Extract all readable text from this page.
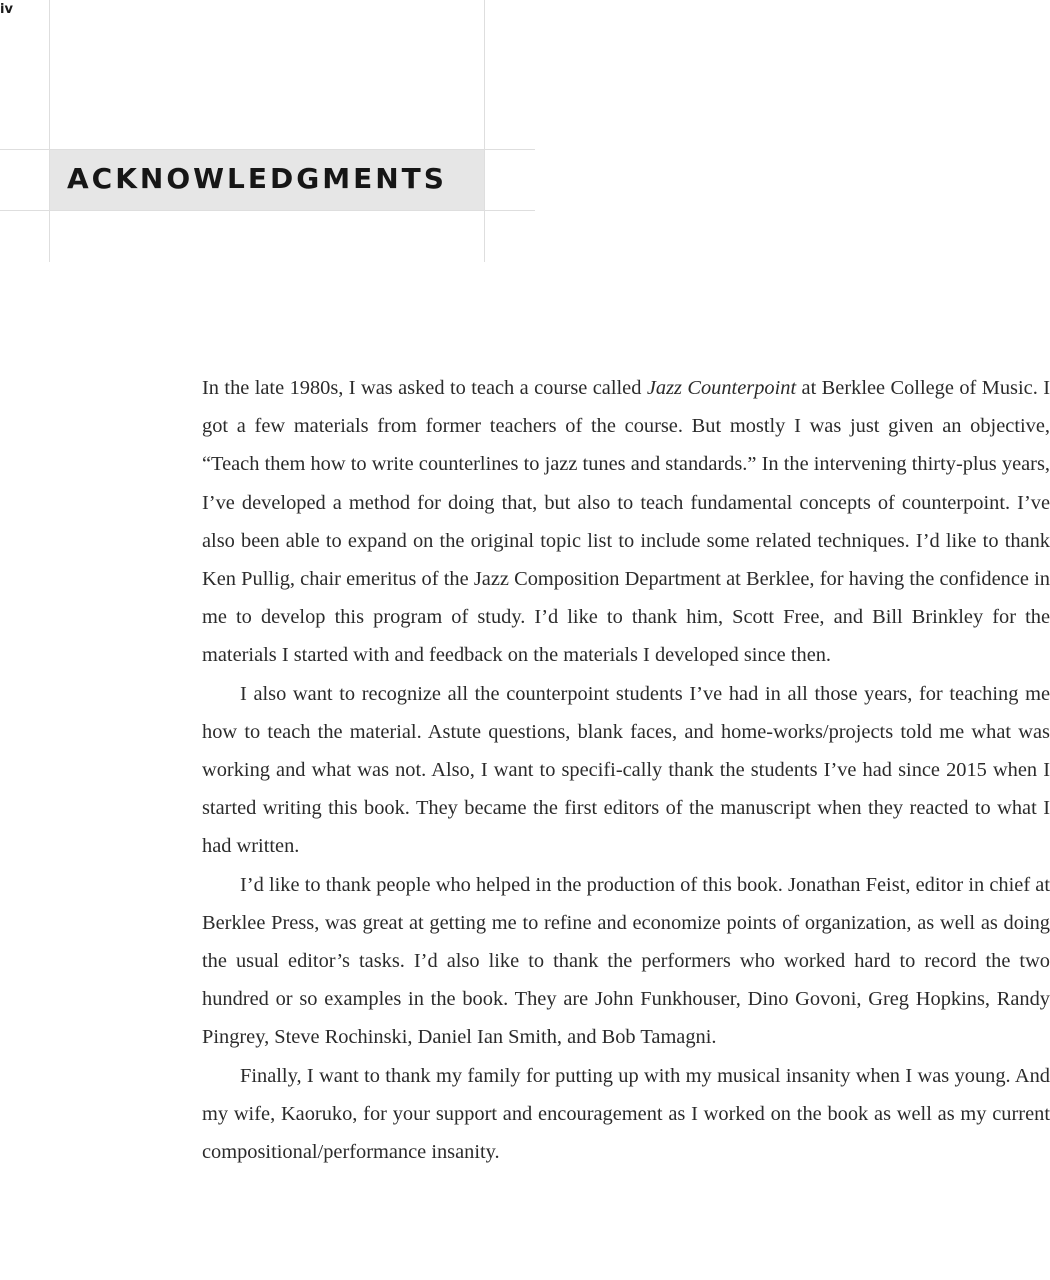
iv
ACKNOWLEDGMENTS

In the late 1980s, I was asked to teach a course called Jazz Counterpoint at Berklee College of Music. I got a few materials from former teachers of the course. But mostly I was just given an objective, “Teach them how to write counterlines to jazz tunes and standards.” In the intervening thirty-plus years, I’ve developed a method for doing that, but also to teach fundamental concepts of counterpoint. I’ve also been able to expand on the original topic list to include some related techniques. I’d like to thank Ken Pullig, chair emeritus of the Jazz Composition Department at Berklee, for having the confidence in me to develop this program of study. I’d like to thank him, Scott Free, and Bill Brinkley for the materials I started with and feedback on the materials I developed since then.

I also want to recognize all the counterpoint students I’ve had in all those years, for teaching me how to teach the material. Astute questions, blank faces, and home-works/projects told me what was working and what was not. Also, I want to specifi-cally thank the students I’ve had since 2015 when I started writing this book. They became the first editors of the manuscript when they reacted to what I had written.

I’d like to thank people who helped in the production of this book. Jonathan Feist, editor in chief at Berklee Press, was great at getting me to refine and economize points of organization, as well as doing the usual editor’s tasks. I’d also like to thank the performers who worked hard to record the two hundred or so examples in the book. They are John Funkhouser, Dino Govoni, Greg Hopkins, Randy Pingrey, Steve Rochinski, Daniel Ian Smith, and Bob Tamagni.

Finally, I want to thank my family for putting up with my musical insanity when I was young. And my wife, Kaoruko, for your support and encouragement as I worked on the book as well as my current compositional/performance insanity.
